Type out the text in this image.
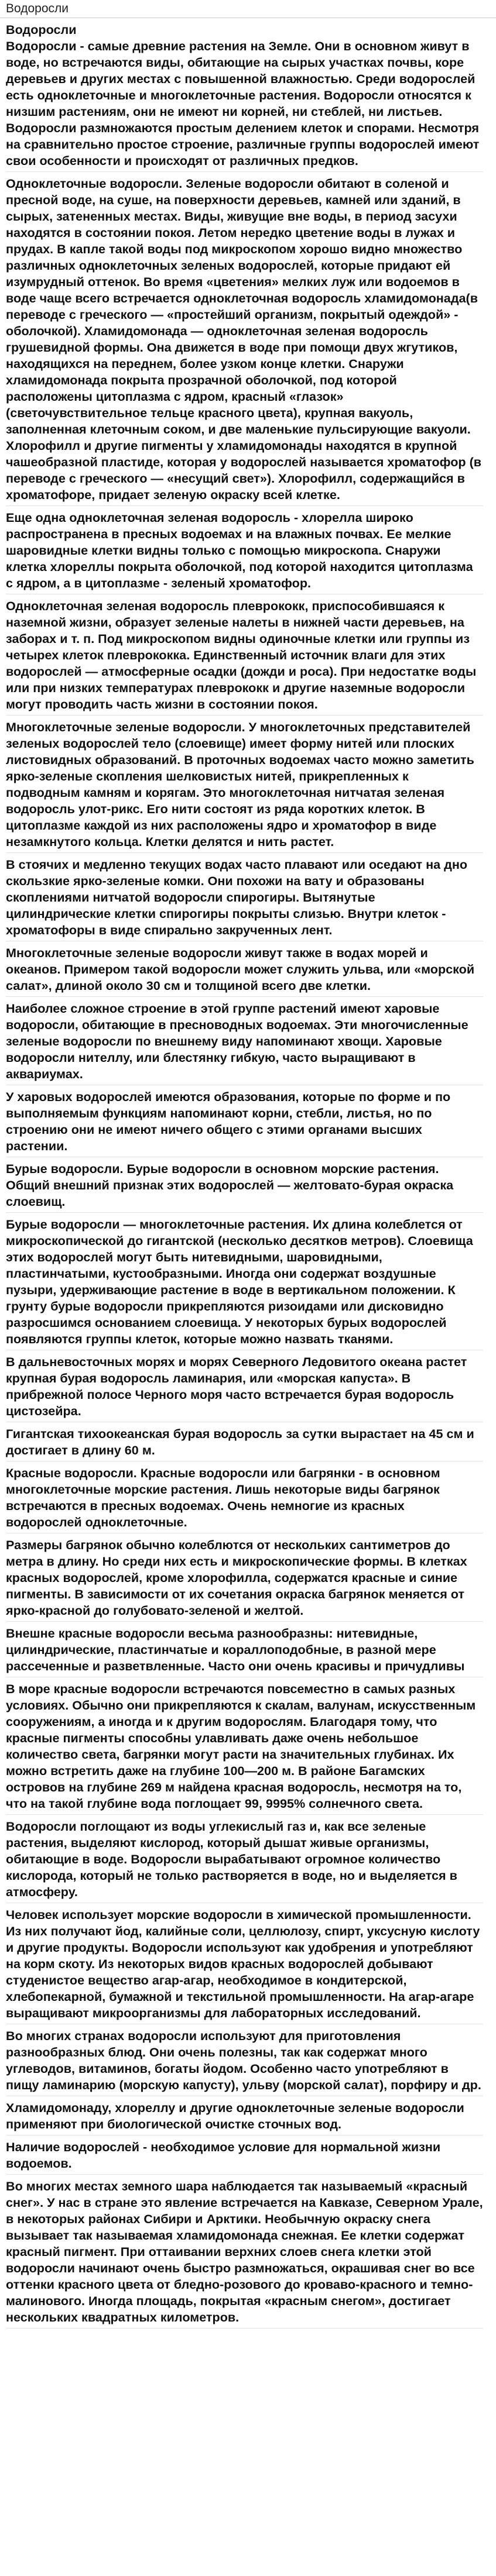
Водоросли
Водоросли

Водоросли - самые древние растения на Земле. Они в основном живут в воде, но встречаются виды, обитающие на сырых участках почвы, коре деревьев и других местах с повышенной влажностью. Среди водорослей есть одноклеточные и многоклеточные растения. Водоросли относятся к низшим растениям, они не имеют ни корней, ни стеблей, ни листьев. Водоросли размножаются простым делением клеток и спорами. Несмотря на сравнительно простое строение, различные группы водорослей имеют свои особенности и происходят от различных предков.

Одноклеточные водоросли. Зеленые водоросли обитают в соленой и пресной воде, на суше, на поверхности деревьев, камней или зданий, в сырых, затененных местах. Виды, живущие вне воды, в период засухи находятся в состоянии покоя. Летом нередко цветение воды в лужах и прудах. В капле такой воды под микроскопом хорошо видно множество различных одноклеточных зеленых водорослей, которые придают ей изумрудный оттенок. Во время «цветения» мелких луж или водоемов в воде чаще всего встречается одноклеточная водоросль хламидомонада(в переводе с греческого — «простейший организм, покрытый одеждой» - оболочкой). Хламидомонада — одноклеточная зеленая водоросль грушевидной формы. Она движется в воде при помощи двух жгутиков, находящихся на переднем, более узком конце клетки. Снаружи хламидомонада покрыта прозрачной оболочкой, под которой расположены цитоплазма с ядром, красный «глазок» (светочувствительное тельце красного цвета), крупная вакуоль, заполненная клеточным соком, и две маленькие пульсирующие вакуоли. Хлорофилл и другие пигменты у хламидомонады находятся в крупной чашеобразной пластиде, которая у водорослей называется хроматофор (в переводе с греческого — «несущий свет»). Хлорофилл, содержащийся в хроматофоре, придает зеленую окраску всей клетке.

Еще одна одноклеточная зеленая водоросль - хлорелла широко распространена в пресных водоемах и на влажных почвах. Ее мелкие шаровидные клетки видны только с помощью микроскопа. Снаружи клетка хлореллы покрыта оболочкой, под которой находится цитоплазма с ядром, а в цитоплазме - зеленый хроматофор.

Одноклеточная зеленая водоросль плеврококк, приспособившаяся к наземной жизни, образует зеленые налеты в нижней части деревьев, на заборах и т. п. Под микроскопом видны одиночные клетки или группы из четырех клеток плеврококка. Единственный источник влаги для этих водорослей — атмосферные осадки (дожди и роса). При недостатке воды или при низких температурах плеврококк и другие наземные водоросли могут проводить часть жизни в состоянии покоя.

Многоклеточные зеленые водоросли. У многоклеточных представителей зеленых водорослей тело (слоевище) имеет форму нитей или плоских листовидных образований. В проточных водоемах часто можно заметить ярко-зеленые скопления шелковистых нитей, прикрепленных к подводным камням и корягам. Это многоклеточная нитчатая зеленая водоросль улот-рикс. Его нити состоят из ряда коротких клеток. В цитоплазме каждой из них расположены ядро и хроматофор в виде незамкнутого кольца. Клетки делятся и нить растет.

В стоячих и медленно текущих водах часто плавают или оседают на дно скользкие ярко-зеленые комки. Они похожи на вату и образованы скоплениями нитчатой водоросли спирогиры. Вытянутые цилиндрические клетки спирогиры покрыты слизью. Внутри клеток - хроматофоры в виде спирально закрученных лент.

Многоклеточные зеленые водоросли живут также в водах морей и океанов. Примером такой водоросли может служить ульва, или «морской салат», длиной около 30 см и толщиной всего две клетки.

Наиболее сложное строение в этой группе растений имеют харовые водоросли, обитающие в пресноводных водоемах. Эти многочисленные зеленые водоросли по внешнему виду напоминают хвощи. Харовые водоросли нителлу, или блестянку гибкую, часто выращивают в аквариумах.

У харовых водорослей имеются образования, которые по форме и по выполняемым функциям напоминают корни, стебли, листья, но по строению они не имеют ничего общего с этими органами высших растении.

Бурые водоросли. Бурые водоросли в основном морские растения. Общий внешний признак этих водорослей — желтовато-бурая окраска слоевищ.

Бурые водоросли — многоклеточные растения. Их длина колеблется от микроскопической до гигантской (несколько десятков метров). Слоевища этих водорослей могут быть нитевидными, шаровидными, пластинчатыми, кустообразными. Иногда они содержат воздушные пузыри, удерживающие растение в воде в вертикальном положении. К грунту бурые водоросли прикрепляются ризоидами или дисковидно разросшимся основанием слоевища. У некоторых бурых водорослей появляются группы клеток, которые можно назвать тканями.

В дальневосточных морях и морях Северного Ледовитого океана растет крупная бурая водоросль ламинария, или «морская капуста». В прибрежной полосе Черного моря часто встречается бурая водоросль цистозейра.

Гигантская тихоокеанская бурая водоросль за сутки вырастает на 45 см и достигает в длину 60 м.

Красные водоросли. Красные водоросли или багрянки - в основном многоклеточные морские растения. Лишь некоторые виды багрянок встречаются в пресных водоемах. Очень немногие из красных водорослей одноклеточные.

Размеры багрянок обычно колеблются от нескольких сантиметров до метра в длину. Но среди них есть и микроскопические формы. В клетках красных водорослей, кроме хлорофилла, содержатся красные и синие пигменты. В зависимости от их сочетания окраска багрянок меняется от ярко-красной до голубовато-зеленой и желтой.

Внешне красные водоросли весьма разнообразны: нитевидные, цилиндрические, пластинчатые и кораллоподобные, в разной мере рассеченные и разветвленные. Часто они очень красивы и причудливы

В море красные водоросли встречаются повсеместно в самых разных условиях. Обычно они прикрепляются к скалам, валунам, искусственным сооружениям, а иногда и к другим водорослям. Благодаря тому, что красные пигменты способны улавливать даже очень небольшое количество света, багрянки могут расти на значительных глубинах. Их можно встретить даже на глубине 100—200 м. В районе Багамских островов на глубине 269 м найдена красная водоросль, несмотря на то, что на такой глубине вода поглощает 99, 9995% солнечного света.

Водоросли поглощают из воды углекислый газ и, как все зеленые растения, выделяют кислород, который дышат живые организмы, обитающие в воде. Водоросли вырабатывают огромное количество кислорода, который не только растворяется в воде, но и выделяется в атмосферу.

Человек использует морские водоросли в химической промышленности. Из них получают йод, калийные соли, целлюлозу, спирт, уксусную кислоту и другие продукты. Водоросли используют как удобрения и употребляют на корм скоту. Из некоторых видов красных водорослей добывают студенистое вещество агар-агар, необходимое в кондитерской, хлебопекарной, бумажной и текстильной промышленности. На агар-агаре выращивают микроорганизмы для лабораторных исследований.

Во многих странах водоросли используют для приготовления разнообразных блюд. Они очень полезны, так как содержат много углеводов, витаминов, богаты йодом. Особенно часто употребляют в пищу ламинарию (морскую капусту), ульву (морской салат), порфиру и др.

Хламидомонаду, хлореллу и другие одноклеточные зеленые водоросли применяют при биологической очистке сточных вод.

Наличие водорослей - необходимое условие для нормальной жизни водоемов.

Во многих местах земного шара наблюдается так называемый «красный снег». У нас в стране это явление встречается на Кавказе, Северном Урале, в некоторых районах Сибири и Арктики. Необычную окраску снега вызывает так называемая хламидомонада снежная. Ее клетки содержат красный пигмент. При оттаивании верхних слоев снега клетки этой водоросли начинают очень быстро размножаться, окрашивая снег во все оттенки красного цвета от бледно-розового до кроваво-красного и темно-малинового. Иногда площадь, покрытая «красным снегом», достигает нескольких квадратных километров.
